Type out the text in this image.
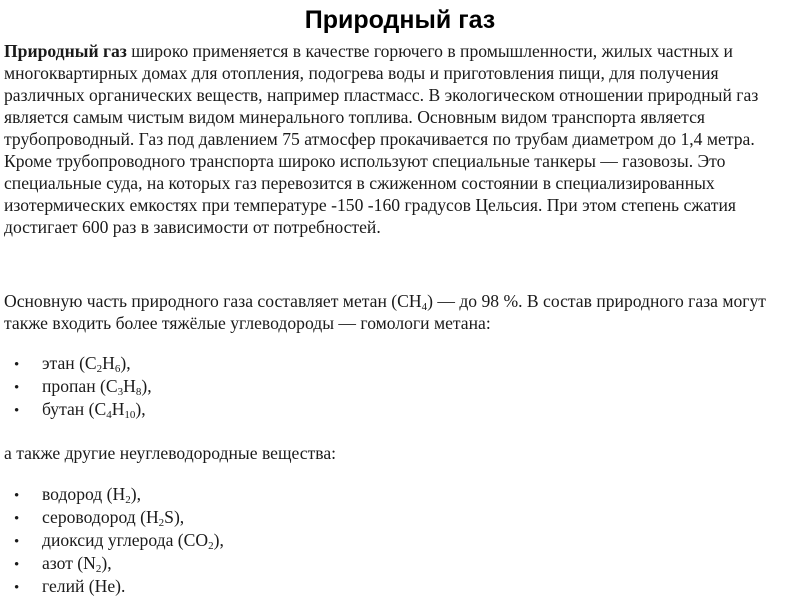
Природный газ

Природный газ широко применяется в качестве горючего в промышленности, жилых частных и многоквартирных домах для отопления, подогрева воды и приготовления пищи, для получения различных органических веществ, например пластмасс. В экологическом отношении природный газ является самым чистым видом минерального топлива. Основным видом транспорта является трубопроводный. Газ под давлением 75 атмосфер прокачивается по трубам диаметром до 1,4 метра. Кроме трубопроводного транспорта широко используют специальные танкеры — газовозы. Это специальные суда, на которых газ перевозится в сжиженном состоянии в специализированных изотермических емкостях при температуре -150 -160 градусов Цельсия. При этом степень сжатия достигает 600 раз в зависимости от потребностей.

Основную часть природного газа составляет метан $(CH_4)$ — до 98 %. В состав природного газа могут также входить более тяжёлые углеводороды — гомологи метана:

• этан $(C_2H_6)$,
• пропан $(C_3H_8)$,
• бутан $(C_4H_{10})$,

а также другие неуглеводородные вещества:

• водород $(H_2)$,
• сероводород $(H_2S)$,
• диоксид углерода $(CO_2)$,
• азот $(N_2)$,
• гелий (He).
